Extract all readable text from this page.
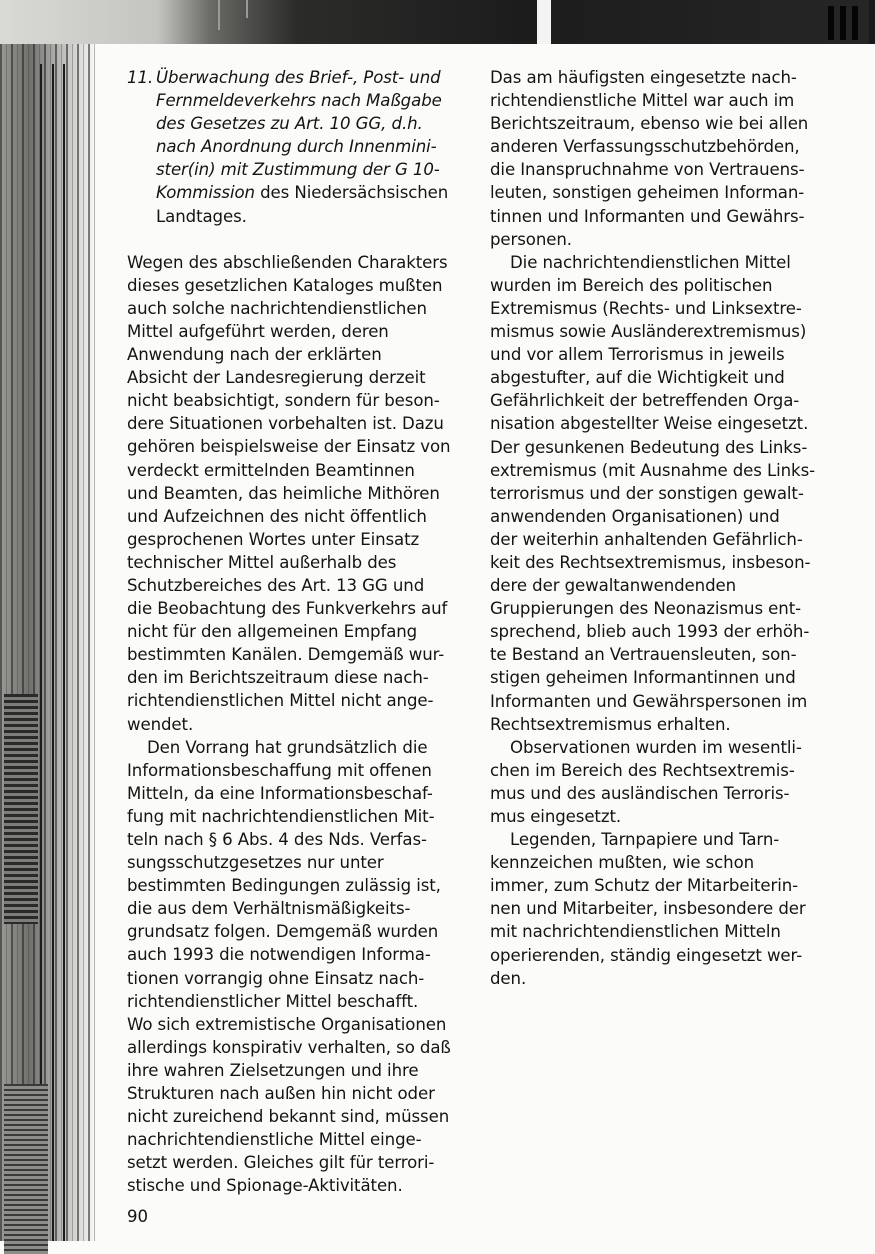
11. Überwachung des Brief-, Post- und
Fernmeldeverkehrs nach Maßgabe
des Gesetzes zu Art. 10 GG, d.h.
nach Anordnung durch Innenmini-
ster(in) mit Zustimmung der G 10-
Kommission des Niedersächsischen
Landtages.
Wegen des abschließenden Charakters
dieses gesetzlichen Kataloges mußten
auch solche nachrichtendienstlichen
Mittel aufgeführt werden, deren
Anwendung nach der erklärten
Absicht der Landesregierung derzeit
nicht beabsichtigt, sondern für beson-
dere Situationen vorbehalten ist. Dazu
gehören beispielsweise der Einsatz von
verdeckt ermittelnden Beamtinnen
und Beamten, das heimliche Mithören
und Aufzeichnen des nicht öffentlich
gesprochenen Wortes unter Einsatz
technischer Mittel außerhalb des
Schutzbereiches des Art. 13 GG und
die Beobachtung des Funkverkehrs auf
nicht für den allgemeinen Empfang
bestimmten Kanälen. Demgemäß wur-
den im Berichtszeitraum diese nach-
richtendienstlichen Mittel nicht ange-
wendet.
Den Vorrang hat grundsätzlich die
Informationsbeschaffung mit offenen
Mitteln, da eine Informationsbeschaf-
fung mit nachrichtendienstlichen Mit-
teln nach § 6 Abs. 4 des Nds. Verfas-
sungsschutzgesetzes nur unter
bestimmten Bedingungen zulässig ist,
die aus dem Verhältnismäßigkeits-
grundsatz folgen. Demgemäß wurden
auch 1993 die notwendigen Informa-
tionen vorrangig ohne Einsatz nach-
richtendienstlicher Mittel beschafft.
Wo sich extremistische Organisationen
allerdings konspirativ verhalten, so daß
ihre wahren Zielsetzungen und ihre
Strukturen nach außen hin nicht oder
nicht zureichend bekannt sind, müssen
nachrichtendienstliche Mittel einge-
setzt werden. Gleiches gilt für terrori-
stische und Spionage-Aktivitäten.
Das am häufigsten eingesetzte nach-
richtendienstliche Mittel war auch im
Berichtszeitraum, ebenso wie bei allen
anderen Verfassungsschutzbehörden,
die Inanspruchnahme von Vertrauens-
leuten, sonstigen geheimen Informan-
tinnen und Informanten und Gewährs-
personen.
Die nachrichtendienstlichen Mittel
wurden im Bereich des politischen
Extremismus (Rechts- und Linksextre-
mismus sowie Ausländerextremismus)
und vor allem Terrorismus in jeweils
abgestufter, auf die Wichtigkeit und
Gefährlichkeit der betreffenden Orga-
nisation abgestellter Weise eingesetzt.
Der gesunkenen Bedeutung des Links-
extremismus (mit Ausnahme des Links-
terrorismus und der sonstigen gewalt-
anwendenden Organisationen) und
der weiterhin anhaltenden Gefährlich-
keit des Rechtsextremismus, insbeson-
dere der gewaltanwendenden
Gruppierungen des Neonazismus ent-
sprechend, blieb auch 1993 der erhöh-
te Bestand an Vertrauensleuten, son-
stigen geheimen Informantinnen und
Informanten und Gewährspersonen im
Rechtsextremismus erhalten.
Observationen wurden im wesentli-
chen im Bereich des Rechtsextremis-
mus und des ausländischen Terroris-
mus eingesetzt.
Legenden, Tarnpapiere und Tarn-
kennzeichen mußten, wie schon
immer, zum Schutz der Mitarbeiterin-
nen und Mitarbeiter, insbesondere der
mit nachrichtendienstlichen Mitteln
operierenden, ständig eingesetzt wer-
den.
90
